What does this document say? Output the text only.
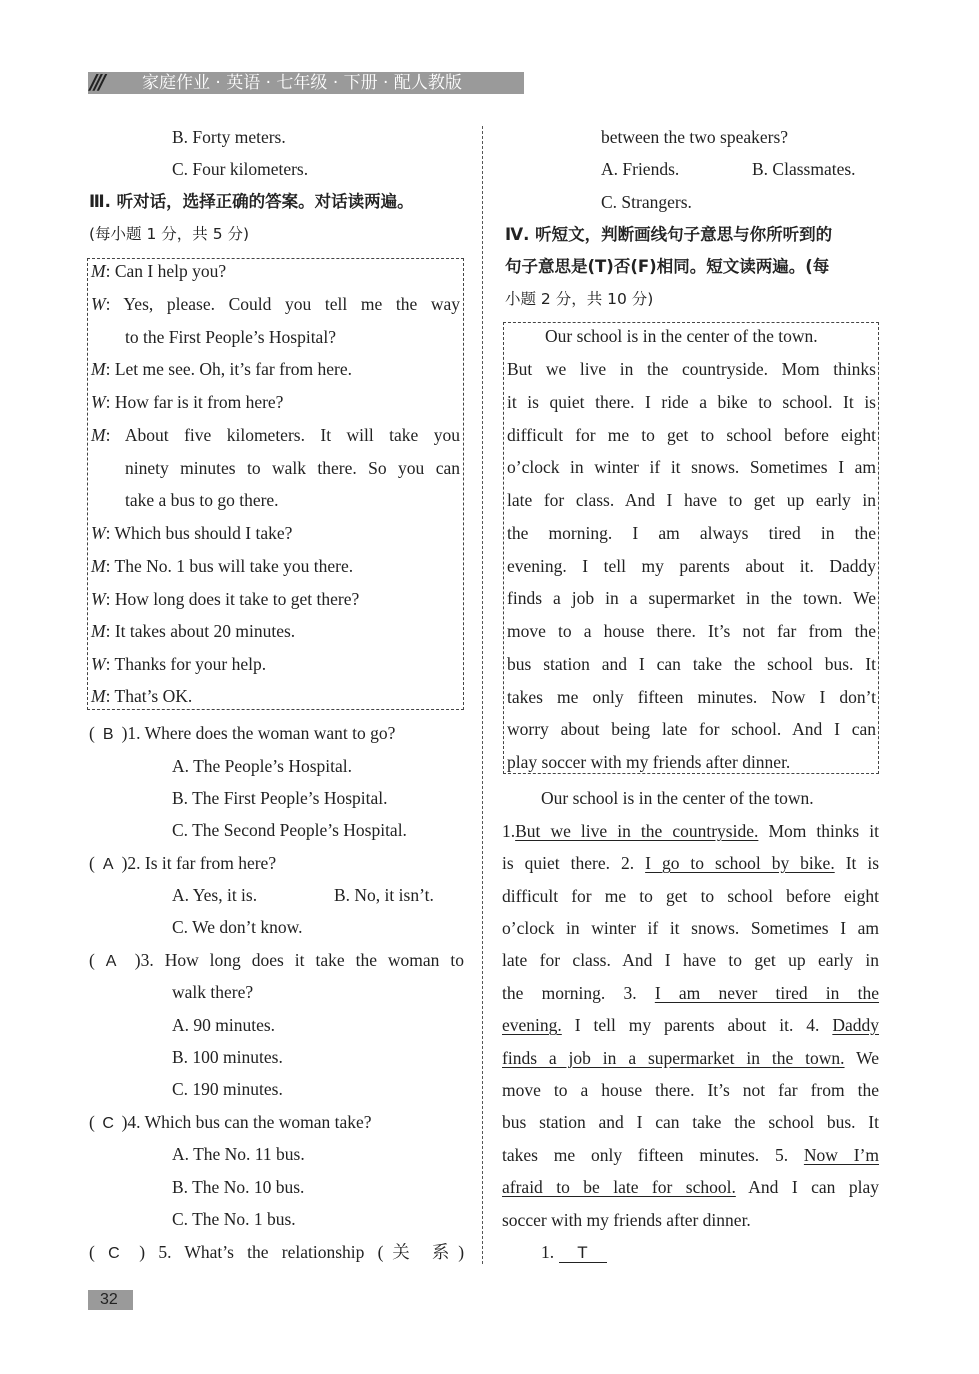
/// 家庭作业 · 英语 · 七年级 · 下册 · 配人教版
B. Forty meters.
C. Four kilometers.
Ⅲ. 听对话，选择正确的答案。对话读两遍。
(每小题 1 分，共 5 分)
M: Can I help you?
W: Yes, please. Could you tell me the way
to the First People’s Hospital?
M: Let me see. Oh, it’s far from here.
W: How far is it from here?
M: About five kilometers. It will take you
ninety minutes to walk there. So you can
take a bus to go there.
W: Which bus should I take?
M: The No. 1 bus will take you there.
W: How long does it take to get there?
M: It takes about 20 minutes.
W: Thanks for your help.
M: That’s OK.
( B )1. Where does the woman want to go?
A. The People’s Hospital.
B. The First People’s Hospital.
C. The Second People’s Hospital.
( A )2. Is it far from here?
A. Yes, it is.	B. No, it isn’t.
C. We don’t know.
( A )3. How long does it take the woman to
walk there?
A. 90 minutes.
B. 100 minutes.
C. 190 minutes.
( C )4. Which bus can the woman take?
A. The No. 11 bus.
B. The No. 10 bus.
C. The No. 1 bus.
( C ) 5. What’s the relationship (关 系)
32
between the two speakers?
A. Friends.	B. Classmates.
C. Strangers.
Ⅳ. 听短文，判断画线句子意思与你所听到的
句子意思是(T)否(F)相同。短文读两遍。(每
小题 2 分，共 10 分)
Our school is in the center of the town.
But we live in the countryside. Mom thinks
it is quiet there. I ride a bike to school. It is
difficult for me to get to school before eight
o’clock in winter if it snows. Sometimes I am
late for class. And I have to get up early in
the morning. I am always tired in the
evening. I tell my parents about it. Daddy
finds a job in a supermarket in the town. We
move to a house there. It’s not far from the
bus station and I can take the school bus. It
takes me only fifteen minutes. Now I don’t
worry about being late for school. And I can
play soccer with my friends after dinner.
Our school is in the center of the town.
1.But we live in the countryside. Mom thinks it
is quiet there. 2. I go to school by bike. It is
difficult for me to get to school before eight
o’clock in winter if it snows. Sometimes I am
late for class. And I have to get up early in
the morning. 3. I am never tired in the
evening. I tell my parents about it. 4. Daddy
finds a job in a supermarket in the town. We
move to a house there. It’s not far from the
bus station and I can take the school bus. It
takes me only fifteen minutes. 5. Now I’m
afraid to be late for school. And I can play
soccer with my friends after dinner.
1. T
